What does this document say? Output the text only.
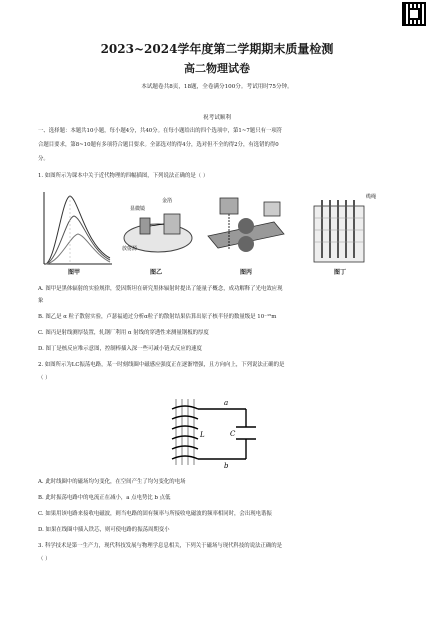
2023~2024学年度第二学期期末质量检测
高二物理试卷
本试题卷共8页，18题，全卷满分100分。考试用时75分钟。
祝考试顺利
一、选择题：本题共10小题，每小题4分，共40分。在每小题给出的四个选项中，第1~7题只有一项符
合题目要求，第8~10题有多项符合题目要求。全部选对的得4分，选对但不全的得2分，有选错的得0
分。
1. 如图所示为课本中关于近代物理的四幅插图，下列说法正确的是（ ）
金箔
显微镜
放射源
缆绳
图甲	图乙	图丙	图丁
A. 图甲是黑体辐射的实验规律，爱因斯坦在研究黑体辐射时提出了能量子概念，成功解释了光电效应现
象
B. 图乙是 α 粒子散射实验，卢瑟福通过分析α粒子的散射结果估算出原子核半径的数量级是 10⁻¹⁵m
C. 图丙是射线测厚装置，轧钢厂利用 α 射线的穿透性来测量钢板的厚度
D. 图丁是核反应堆示意图，控制棒插入深一些可减小链式反应的速度
2. 如图所示为LC振荡电路，某一时刻线圈中磁感应强度正在逐渐增强，且方向向上，下列说法正确的是
（ ）
a
b
L	C
A. 此时线圈中的磁场均匀变化，在空间产生了均匀变化的电场
B. 此时振荡电路中的电流正在减小，a 点电势比 b 点低
C. 如果用该电路来接收电磁波，则当电路的固有频率与所接收电磁波的频率相同时，会出现电谐振
D. 如果在线圈中插入铁芯，则可使电路的振荡周期变小
3. 科学技术是第一生产力，现代科技发展与物理学息息相关，下列关于磁场与现代科技的说法正确的是
（ ）
